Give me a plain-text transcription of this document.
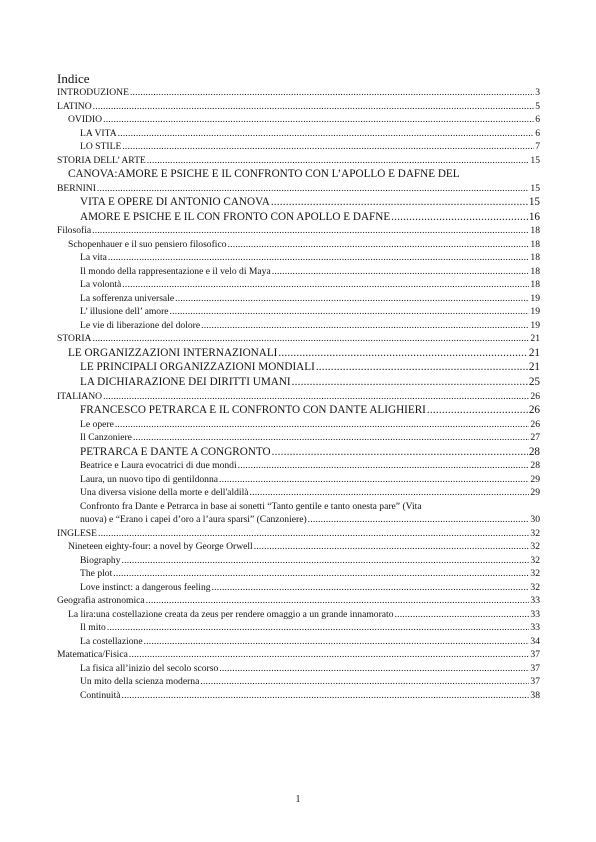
Indice
INTRODUZIONE .....	3
LATINO .....	5
OVIDIO .....	6
LA VITA .....	6
LO STILE .....	7
STORIA DELL’ ARTE .....	15
CANOVA:AMORE E PSICHE E IL CONFRONTO CON L’APOLLO E DAFNE DEL
BERNINI .....	15
VITA E OPERE DI ANTONIO CANOVA .....	15
AMORE E PSICHE E IL CON FRONTO CON APOLLO E DAFNE .....	16
Filosofia .....	18
Schopenhauer e il suo pensiero filosofico .....	18
La vita .....	18
Il mondo della rappresentazione e il velo di Maya .....	18
La volontà .....	18
La sofferenza universale .....	19
L’ illusione dell’ amore .....	19
Le vie di liberazione del dolore .....	19
STORIA .....	21
LE ORGANIZZAZIONI INTERNAZIONALI .....	21
LE PRINCIPALI ORGANIZZAZIONI MONDIALI .....	21
LA DICHIARAZIONE DEI DIRITTI UMANI .....	25
ITALIANO .....	26
FRANCESCO PETRARCA E IL CONFRONTO CON DANTE ALIGHIERI .....	26
Le opere .....	26
Il Canzoniere .....	27
PETRARCA E DANTE A CONGRONTO .....	28
Beatrice e Laura evocatrici di due mondi .....	28
Laura, un nuovo tipo di gentildonna .....	29
Una diversa visione della morte e dell'aldilà .....	29
Confronto fra Dante e Petrarca in base ai sonetti “Tanto gentile e tanto onesta pare” (Vita
nuova) e “Erano i capei d’oro a l’aura sparsi” (Canzoniere) .....	30
INGLESE .....	32
Nineteen eighty-four: a novel by George Orwell .....	32
Biography .....	32
The plot .....	32
Love instinct: a dangerous feeling .....	32
Geografia astronomica .....	33
La lira:una costellazione creata da zeus per rendere omaggio a un grande innamorato .....	33
Il mito .....	33
La costellazione .....	34
Matematica/Fisica .....	37
La fisica all’inizio del secolo scorso .....	37
Un mito della scienza moderna .....	37
Continuità .....	38
1
